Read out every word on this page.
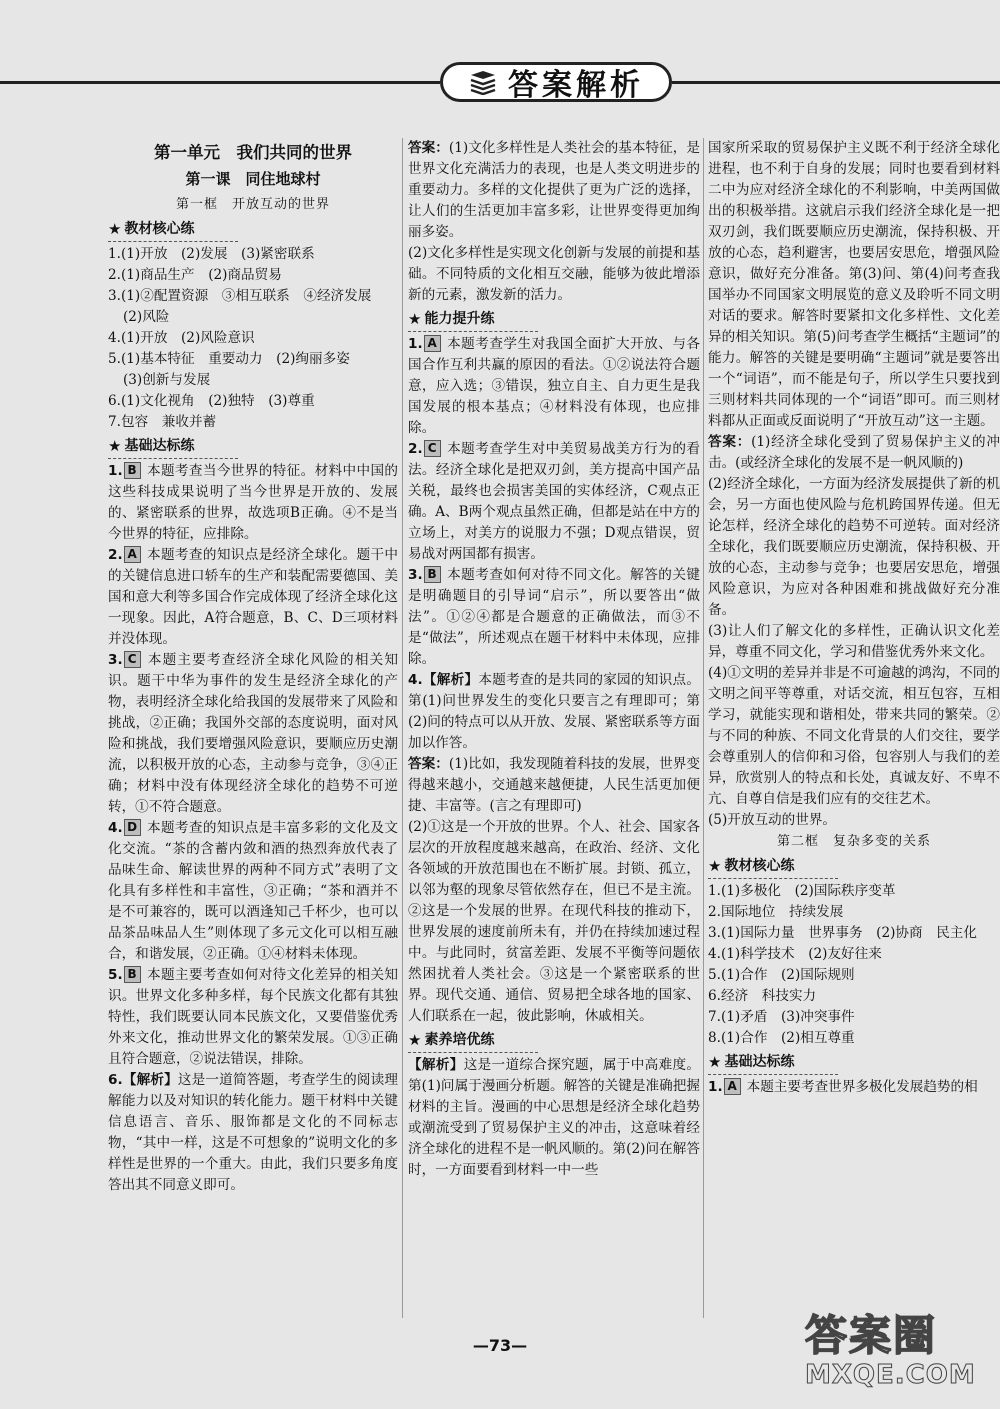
答案解析
第一单元　我们共同的世界
第一课　同住地球村
第一框　开放互动的世界
★ 教材核心练

1.(1)开放　(2)发展　(3)紧密联系

2.(1)商品生产　(2)商品贸易

3.(1)②配置资源　③相互联系　④经济发展

(2)风险

4.(1)开放　(2)风险意识

5.(1)基本特征　重要动力　(2)绚丽多姿

(3)创新与发展

6.(1)文化视角　(2)独特　(3)尊重

7.包容　兼收并蓄

★ 基础达标练

1. B 本题考查当今世界的特征。材料中中国的这些科技成果说明了当今世界是开放的、发展的、紧密联系的世界，故选项B正确。④不是当今世界的特征，应排除。

2. A 本题考查的知识点是经济全球化。题干中的关键信息进口轿车的生产和装配需要德国、美国和意大利等多国合作完成体现了经济全球化这一现象。因此，A符合题意，B、C、D三项材料并没体现。

3. C 本题主要考查经济全球化风险的相关知识。题干中华为事件的发生是经济全球化的产物，表明经济全球化给我国的发展带来了风险和挑战，②正确；我国外交部的态度说明，面对风险和挑战，我们要增强风险意识，要顺应历史潮流，以积极开放的心态，主动参与竞争，③④正确；材料中没有体现经济全球化的趋势不可逆转，①不符合题意。

4. D 本题考查的知识点是丰富多彩的文化及文化交流。“茶的含蓄内敛和酒的热烈奔放代表了品味生命、解读世界的两种不同方式”表明了文化具有多样性和丰富性，③正确；“茶和酒并不是不可兼容的，既可以酒逢知己千杯少，也可以品茶品味品人生”则体现了多元文化可以相互融合，和谐发展，②正确。①④材料未体现。

5. B 本题主要考查如何对待文化差异的相关知识。世界文化多种多样，每个民族文化都有其独特性，我们既要认同本民族文化，又要借鉴优秀外来文化，推动世界文化的繁荣发展。①③正确且符合题意，②说法错误，排除。

6.【解析】这是一道简答题，考查学生的阅读理解能力以及对知识的转化能力。题干材料中关键信息语言、音乐、服饰都是文化的不同标志物，“其中一样，这是不可想象的”说明文化的多样性是世界的一个重大。由此，我们只要多角度答出其不同意义即可。

答案：(1)文化多样性是人类社会的基本特征，是世界文化充满活力的表现，也是人类文明进步的重要动力。多样的文化提供了更为广泛的选择，让人们的生活更加丰富多彩，让世界变得更加绚丽多姿。

(2)文化多样性是实现文化创新与发展的前提和基础。不同特质的文化相互交融，能够为彼此增添新的元素，激发新的活力。

★ 能力提升练

1. A 本题考查学生对我国全面扩大开放、与各国合作互利共赢的原因的看法。①②说法符合题意，应入选；③错误，独立自主、自力更生是我国发展的根本基点；④材料没有体现，也应排除。

2. C 本题考查学生对中美贸易战美方行为的看法。经济全球化是把双刃剑，美方提高中国产品关税，最终也会损害美国的实体经济，C观点正确。A、B两个观点虽然正确，但都是站在中方的立场上，对美方的说服力不强；D观点错误，贸易战对两国都有损害。

3. B 本题考查如何对待不同文化。解答的关键是明确题目的引导词“启示”，所以要答出“做法”。①②④都是合题意的正确做法，而③不是“做法”，所述观点在题干材料中未体现，应排除。

4.【解析】本题考查的是共同的家园的知识点。第(1)问世界发生的变化只要言之有理即可；第(2)问的特点可以从开放、发展、紧密联系等方面加以作答。

答案：(1)比如，我发现随着科技的发展，世界变得越来越小，交通越来越便捷，人民生活更加便捷、丰富等。(言之有理即可)

(2)①这是一个开放的世界。个人、社会、国家各层次的开放程度越来越高，在政治、经济、文化各领域的开放范围也在不断扩展。封锁、孤立，以邻为壑的现象尽管依然存在，但已不是主流。②这是一个发展的世界。在现代科技的推动下，世界发展的速度前所未有，并仍在持续加速过程中。与此同时，贫富差距、发展不平衡等问题依然困扰着人类社会。③这是一个紧密联系的世界。现代交通、通信、贸易把全球各地的国家、人们联系在一起，彼此影响，休戚相关。

★ 素养培优练

【解析】这是一道综合探究题，属于中高难度。第(1)问属于漫画分析题。解答的关键是准确把握材料的主旨。漫画的中心思想是经济全球化趋势或潮流受到了贸易保护主义的冲击，这意味着经济全球化的进程不是一帆风顺的。第(2)问在解答时，一方面要看到材料一中一些

国家所采取的贸易保护主义既不利于经济全球化进程，也不利于自身的发展；同时也要看到材料二中为应对经济全球化的不利影响，中美两国做出的积极举措。这就启示我们经济全球化是一把双刃剑，我们既要顺应历史潮流，保持积极、开放的心态，趋利避害，也要居安思危，增强风险意识，做好充分准备。第(3)问、第(4)问考查我国举办不同国家文明展览的意义及聆听不同文明对话的要求。解答时要紧扣文化多样性、文化差异的相关知识。第(5)问考查学生概括“主题词”的能力。解答的关键是要明确“主题词”就是要答出一个“词语”，而不能是句子，所以学生只要找到三则材料共同体现的一个“词语”即可。而三则材料都从正面或反面说明了“开放互动”这一主题。

答案：(1)经济全球化受到了贸易保护主义的冲击。(或经济全球化的发展不是一帆风顺的)

(2)经济全球化，一方面为经济发展提供了新的机会，另一方面也使风险与危机跨国界传递。但无论怎样，经济全球化的趋势不可逆转。面对经济全球化，我们既要顺应历史潮流，保持积极、开放的心态，主动参与竞争；也要居安思危，增强风险意识，为应对各种困难和挑战做好充分准备。

(3)让人们了解文化的多样性，正确认识文化差异，尊重不同文化，学习和借鉴优秀外来文化。

(4)①文明的差异并非是不可逾越的鸿沟，不同的文明之间平等尊重，对话交流，相互包容，互相学习，就能实现和谐相处，带来共同的繁荣。②与不同的种族、不同文化背景的人们交往，要学会尊重别人的信仰和习俗，包容别人与我们的差异，欣赏别人的特点和长处，真诚友好、不卑不亢、自尊自信是我们应有的交往艺术。

(5)开放互动的世界。

第二框　复杂多变的关系
★ 教材核心练

1.(1)多极化　(2)国际秩序变革

2.国际地位　持续发展

3.(1)国际力量　世界事务　(2)协商　民主化

4.(1)科学技术　(2)友好往来

5.(1)合作　(2)国际规则

6.经济　科技实力

7.(1)矛盾　(3)冲突事件

8.(1)合作　(2)相互尊重

★ 基础达标练

1. A 本题主要考查世界多极化发展趋势的相

—73—	答案圈
MXQE.COM
